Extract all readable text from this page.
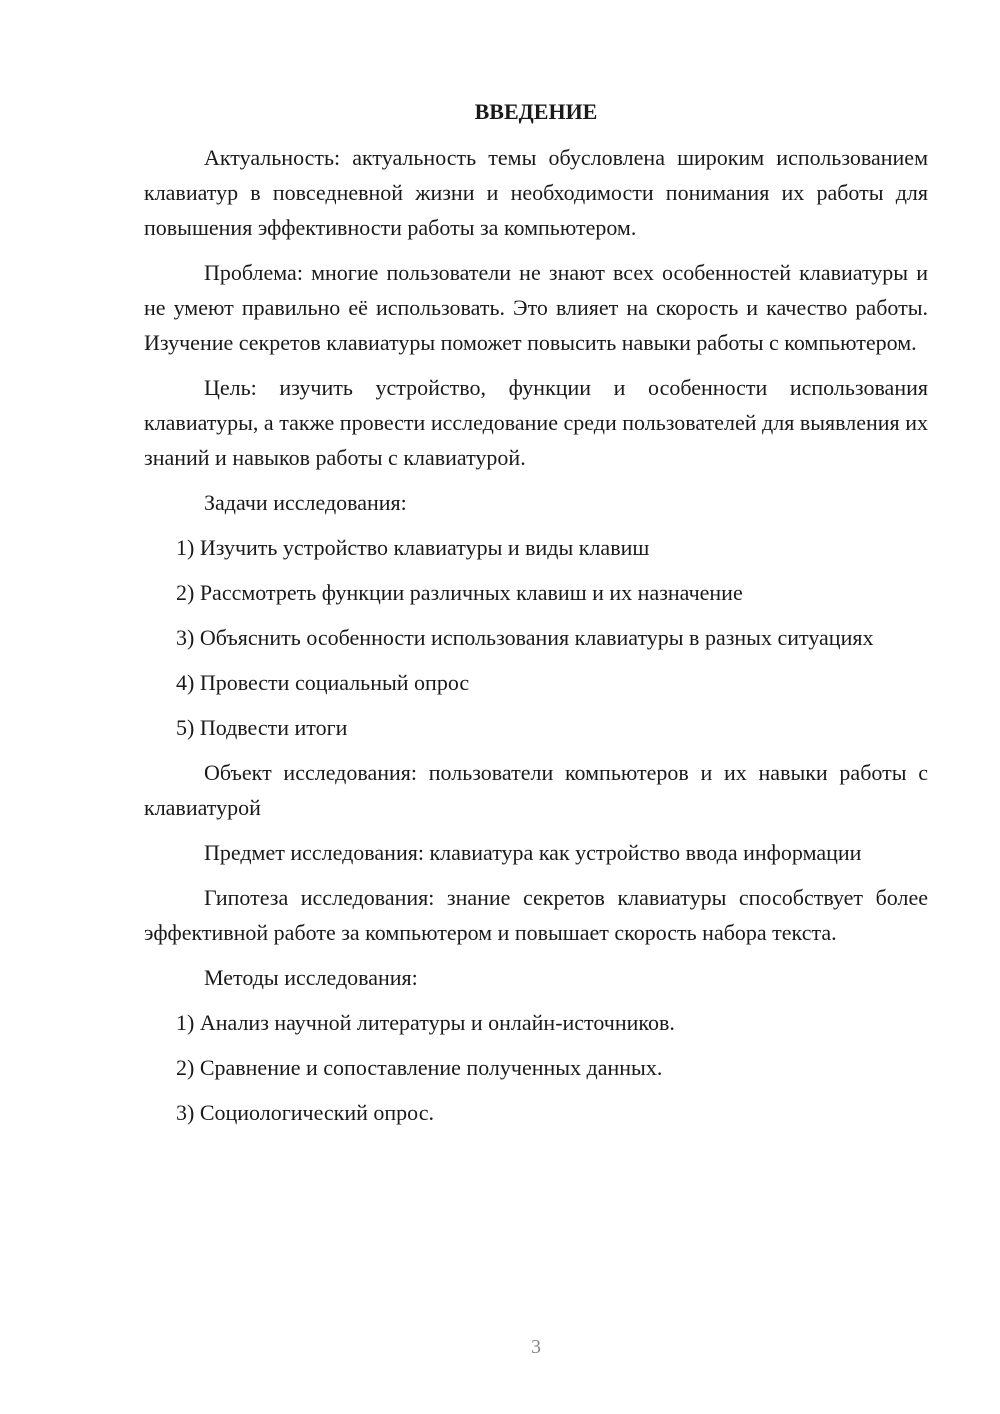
ВВЕДЕНИЕ

Актуальность: актуальность темы обусловлена широким использованием клавиатур в повседневной жизни и необходимости понимания их работы для повышения эффективности работы за компьютером.

Проблема: многие пользователи не знают всех особенностей клавиатуры и не умеют правильно её использовать. Это влияет на скорость и качество работы. Изучение секретов клавиатуры поможет повысить навыки работы с компьютером.

Цель: изучить устройство, функции и особенности использования клавиатуры, а также провести исследование среди пользователей для выявления их знаний и навыков работы с клавиатурой.

Задачи исследования:

1) Изучить устройство клавиатуры и виды клавиш

2) Рассмотреть функции различных клавиш и их назначение

3) Объяснить особенности использования клавиатуры в разных ситуациях

4) Провести социальный опрос

5) Подвести итоги

Объект исследования: пользователи компьютеров и их навыки работы с клавиатурой

Предмет исследования: клавиатура как устройство ввода информации

Гипотеза исследования: знание секретов клавиатуры способствует более эффективной работе за компьютером и повышает скорость набора текста.

Методы исследования:

1) Анализ научной литературы и онлайн-источников.

2) Сравнение и сопоставление полученных данных.

3) Социологический опрос.

3
